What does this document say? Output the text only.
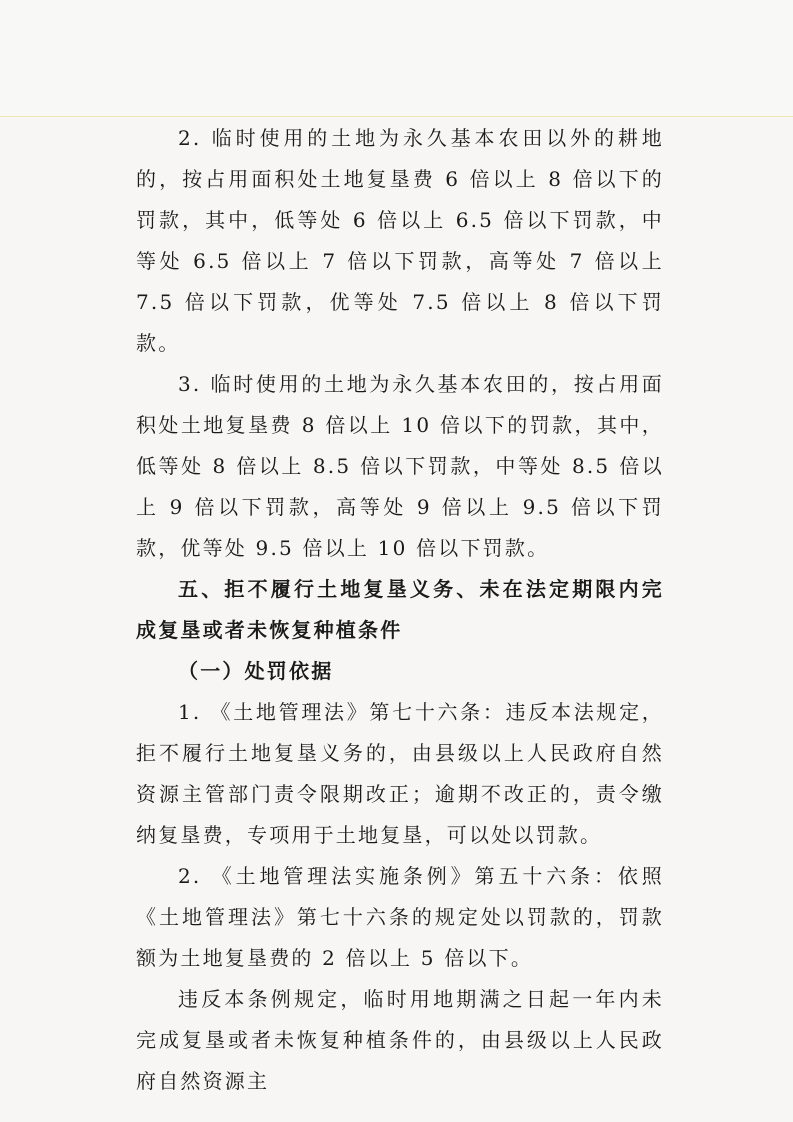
2. 临时使用的土地为永久基本农田以外的耕地的，按占用面积处土地复垦费 6 倍以上 8 倍以下的罚款，其中，低等处 6 倍以上 6.5 倍以下罚款，中等处 6.5 倍以上 7 倍以下罚款，高等处 7 倍以上 7.5 倍以下罚款，优等处 7.5 倍以上 8 倍以下罚款。

3. 临时使用的土地为永久基本农田的，按占用面积处土地复垦费 8 倍以上 10 倍以下的罚款，其中，低等处 8 倍以上 8.5 倍以下罚款，中等处 8.5 倍以上 9 倍以下罚款，高等处 9 倍以上 9.5 倍以下罚款，优等处 9.5 倍以上 10 倍以下罚款。

五、拒不履行土地复垦义务、未在法定期限内完成复垦或者未恢复种植条件

（一）处罚依据

1. 《土地管理法》第七十六条：违反本法规定，拒不履行土地复垦义务的，由县级以上人民政府自然资源主管部门责令限期改正；逾期不改正的，责令缴纳复垦费，专项用于土地复垦，可以处以罚款。

2. 《土地管理法实施条例》第五十六条：依照《土地管理法》第七十六条的规定处以罚款的，罚款额为土地复垦费的 2 倍以上 5 倍以下。

违反本条例规定，临时用地期满之日起一年内未完成复垦或者未恢复种植条件的，由县级以上人民政府自然资源主
